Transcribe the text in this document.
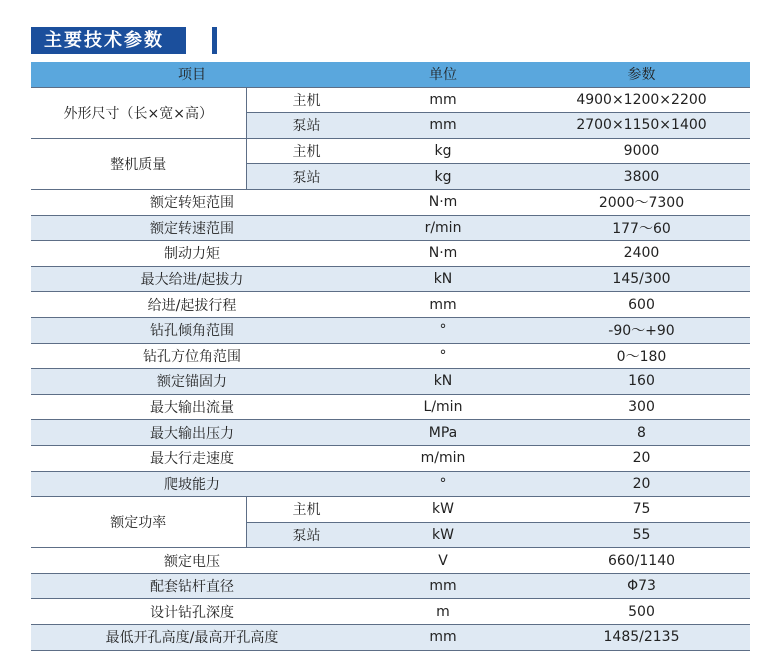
主要技术参数
项目		单位	参数
外形尺寸（长×宽×高）	主机	mm	4900×1200×2200
	泵站	mm	2700×1150×1400
整机质量	主机	kg	9000
	泵站	kg	3800
额定转矩范围		N·m	2000～7300
额定转速范围		r/min	177～60
制动力矩		N·m	2400
最大给进/起拔力		kN	145/300
给进/起拔行程		mm	600
钻孔倾角范围		°	-90～+90
钻孔方位角范围		°	0～180
额定锚固力		kN	160
最大输出流量		L/min	300
最大输出压力		MPa	8
最大行走速度		m/min	20
爬坡能力		°	20
额定功率	主机	kW	75
	泵站	kW	55
额定电压		V	660/1140
配套钻杆直径		mm	Φ73
设计钻孔深度		m	500
最低开孔高度/最高开孔高度		mm	1485/2135
